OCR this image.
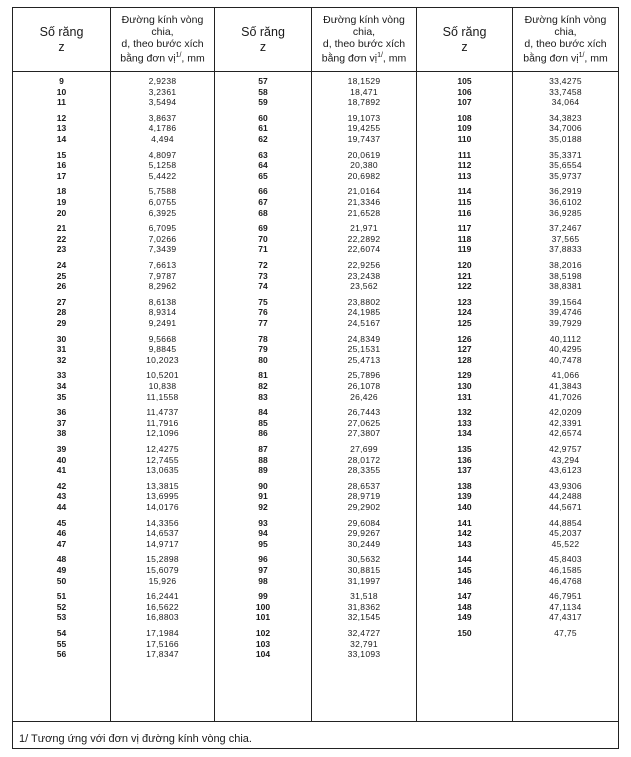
Số răng
z
Đường kính vòng chia,
d, theo bước xích
bằng đơn vị$^{1/}$, mm
Số răng
z
Đường kính vòng chia,
d, theo bước xích
bằng đơn vị$^{1/}$, mm
Số răng
z
Đường kính vòng chia,
d, theo bước xích
bằng đơn vị$^{1/}$, mm
9
10
11
12
13
14
15
16
17
18
19
20
21
22
23
24
25
26
27
28
29
30
31
32
33
34
35
36
37
38
39
40
41
42
43
44
45
46
47
48
49
50
51
52
53
54
55
56
2,9238
3,2361
3,5494
3,8637
4,1786
4,494
4,8097
5,1258
5,4422
5,7588
6,0755
6,3925
6,7095
7,0266
7,3439
7,6613
7,9787
8,2962
8,6138
8,9314
9,2491
9,5668
9,8845
10,2023
10,5201
10,838
11,1558
11,4737
11,7916
12,1096
12,4275
12,7455
13,0635
13,3815
13,6995
14,0176
14,3356
14,6537
14,9717
15,2898
15,6079
15,926
16,2441
16,5622
16,8803
17,1984
17,5166
17,8347
57
58
59
60
61
62
63
64
65
66
67
68
69
70
71
72
73
74
75
76
77
78
79
80
81
82
83
84
85
86
87
88
89
90
91
92
93
94
95
96
97
98
99
100
101
102
103
104
18,1529
18,471
18,7892
19,1073
19,4255
19,7437
20,0619
20,380
20,6982
21,0164
21,3346
21,6528
21,971
22,2892
22,6074
22,9256
23,2438
23,562
23,8802
24,1985
24,5167
24,8349
25,1531
25,4713
25,7896
26,1078
26,426
26,7443
27,0625
27,3807
27,699
28,0172
28,3355
28,6537
28,9719
29,2902
29,6084
29,9267
30,2449
30,5632
30,8815
31,1997
31,518
31,8362
32,1545
32,4727
32,791
33,1093
105
106
107
108
109
110
111
112
113
114
115
116
117
118
119
120
121
122
123
124
125
126
127
128
129
130
131
132
133
134
135
136
137
138
139
140
141
142
143
144
145
146
147
148
149
150
33,4275
33,7458
34,064
34,3823
34,7006
35,0188
35,3371
35,6554
35,9737
36,2919
36,6102
36,9285
37,2467
37,565
37,8833
38,2016
38,5198
38,8381
39,1564
39,4746
39,7929
40,1112
40,4295
40,7478
41,066
41,3843
41,7026
42,0209
42,3391
42,6574
42,9757
43,294
43,6123
43,9306
44,2488
44,5671
44,8854
45,2037
45,522
45,8403
46,1585
46,4768
46,7951
47,1134
47,4317
47,75
1/ Tương ứng với đơn vị đường kính vòng chia.
